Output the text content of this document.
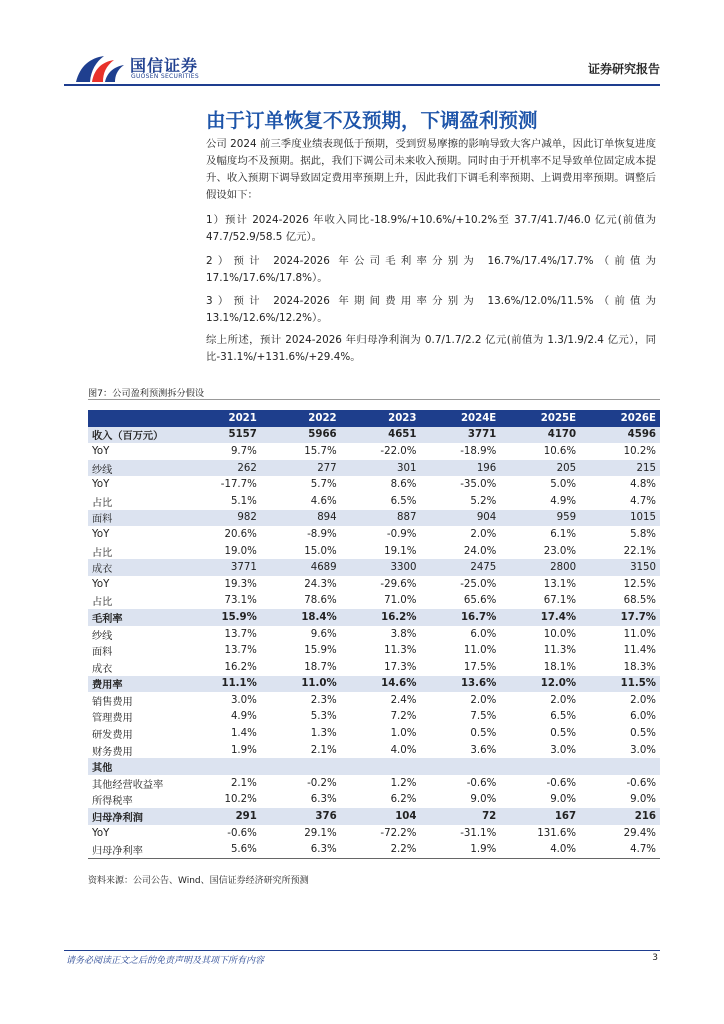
国信证券
GUOSEN SECURITIES
证券研究报告
由于订单恢复不及预期，下调盈利预测

公司 2024 前三季度业绩表现低于预期，受到贸易摩擦的影响导致大客户减单，因此订单恢复进度及幅度均不及预期。据此，我们下调公司未来收入预期。同时由于开机率不足导致单位固定成本提升、收入预期下调导致固定费用率预期上升，因此我们下调毛利率预期、上调费用率预期。调整后假设如下：

1）预计 2024-2026 年收入同比-18.9%/+10.6%/+10.2%至 37.7/41.7/46.0 亿元(前值为 47.7/52.9/58.5 亿元）。

2）预计 2024-2026 年公司毛利率分别为 16.7%/17.4%/17.7%（前值为 17.1%/17.6%/17.8%）。

3）预计 2024-2026 年期间费用率分别为 13.6%/12.0%/11.5%（前值为 13.1%/12.6%/12.2%）。

综上所述，预计 2024-2026 年归母净利润为 0.7/1.7/2.2 亿元(前值为 1.3/1.9/2.4 亿元），同比-31.1%/+131.6%/+29.4%。

图7：公司盈利预测拆分假设
	2021	2022	2023	2024E	2025E	2026E
收入（百万元）	5157	5966	4651	3771	4170	4596
YoY	9.7%	15.7%	-22.0%	-18.9%	10.6%	10.2%
纱线	262	277	301	196	205	215
YoY	-17.7%	5.7%	8.6%	-35.0%	5.0%	4.8%
占比	5.1%	4.6%	6.5%	5.2%	4.9%	4.7%
面料	982	894	887	904	959	1015
YoY	20.6%	-8.9%	-0.9%	2.0%	6.1%	5.8%
占比	19.0%	15.0%	19.1%	24.0%	23.0%	22.1%
成衣	3771	4689	3300	2475	2800	3150
YoY	19.3%	24.3%	-29.6%	-25.0%	13.1%	12.5%
占比	73.1%	78.6%	71.0%	65.6%	67.1%	68.5%
毛利率	15.9%	18.4%	16.2%	16.7%	17.4%	17.7%
纱线	13.7%	9.6%	3.8%	6.0%	10.0%	11.0%
面料	13.7%	15.9%	11.3%	11.0%	11.3%	11.4%
成衣	16.2%	18.7%	17.3%	17.5%	18.1%	18.3%
费用率	11.1%	11.0%	14.6%	13.6%	12.0%	11.5%
销售费用	3.0%	2.3%	2.4%	2.0%	2.0%	2.0%
管理费用	4.9%	5.3%	7.2%	7.5%	6.5%	6.0%
研发费用	1.4%	1.3%	1.0%	0.5%	0.5%	0.5%
财务费用	1.9%	2.1%	4.0%	3.6%	3.0%	3.0%
其他						
其他经营收益率	2.1%	-0.2%	1.2%	-0.6%	-0.6%	-0.6%
所得税率	10.2%	6.3%	6.2%	9.0%	9.0%	9.0%
归母净利润	291	376	104	72	167	216
YoY	-0.6%	29.1%	-72.2%	-31.1%	131.6%	29.4%
归母净利率	5.6%	6.3%	2.2%	1.9%	4.0%	4.7%
资料来源：公司公告、Wind、国信证券经济研究所预测
请务必阅读正文之后的免责声明及其项下所有内容	3
